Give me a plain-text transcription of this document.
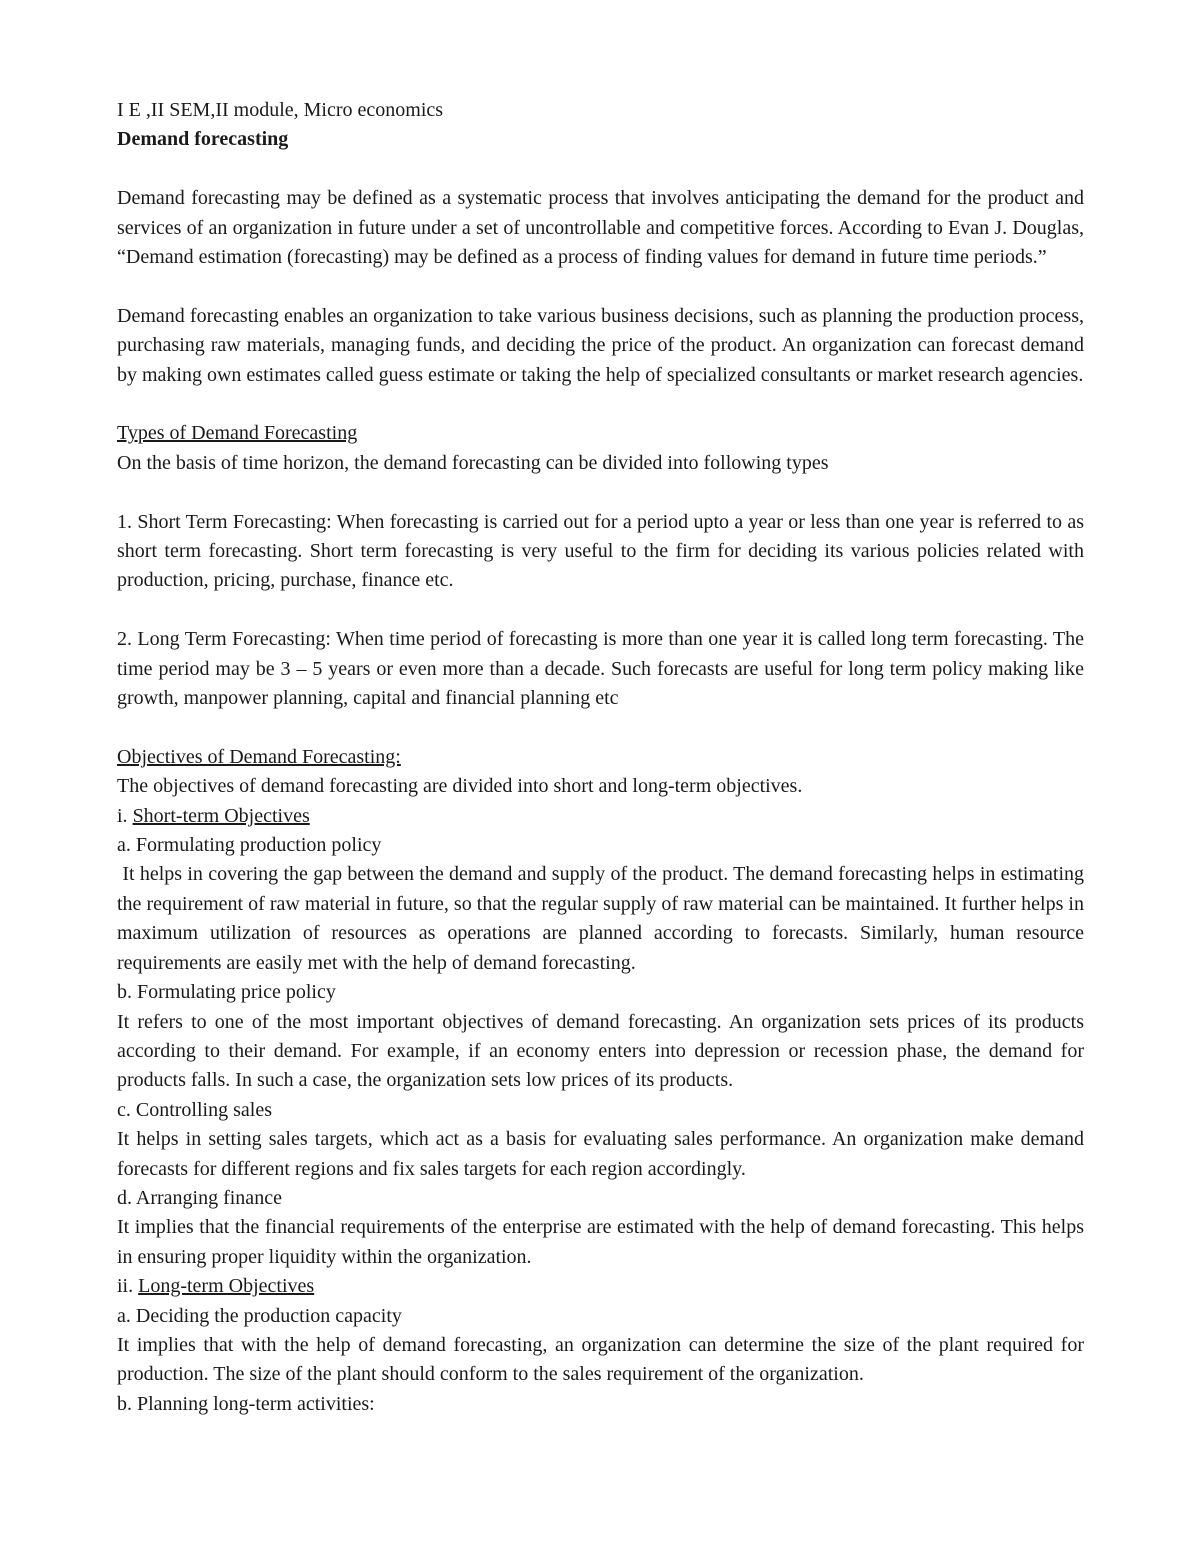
I E ,II SEM,II module, Micro economics

Demand forecasting

Demand forecasting may be defined as a systematic process that involves anticipating the demand for the product and services of an organization in future under a set of uncontrollable and competitive forces. According to Evan J. Douglas, “Demand estimation (forecasting) may be defined as a process of finding values for demand in future time periods.”

Demand forecasting enables an organization to take various business decisions, such as planning the production process, purchasing raw materials, managing funds, and deciding the price of the product. An organization can forecast demand by making own estimates called guess estimate or taking the help of specialized consultants or market research agencies.

Types of Demand Forecasting

On the basis of time horizon, the demand forecasting can be divided into following types

1. Short Term Forecasting: When forecasting is carried out for a period upto a year or less than one year is referred to as short term forecasting. Short term forecasting is very useful to the firm for deciding its various policies related with production, pricing, purchase, finance etc.

2. Long Term Forecasting: When time period of forecasting is more than one year it is called long term forecasting. The time period may be 3 – 5 years or even more than a decade. Such forecasts are useful for long term policy making like growth, manpower planning, capital and financial planning etc

Objectives of Demand Forecasting:

The objectives of demand forecasting are divided into short and long-term objectives.

i. Short-term Objectives

a. Formulating production policy

It helps in covering the gap between the demand and supply of the product. The demand forecasting helps in estimating the requirement of raw material in future, so that the regular supply of raw material can be maintained. It further helps in maximum utilization of resources as operations are planned according to forecasts. Similarly, human resource requirements are easily met with the help of demand forecasting.

b. Formulating price policy

It refers to one of the most important objectives of demand forecasting. An organization sets prices of its products according to their demand. For example, if an economy enters into depression or recession phase, the demand for products falls. In such a case, the organization sets low prices of its products.

c. Controlling sales

It helps in setting sales targets, which act as a basis for evaluating sales performance. An organization make demand forecasts for different regions and fix sales targets for each region accordingly.

d. Arranging finance

It implies that the financial requirements of the enterprise are estimated with the help of demand forecasting. This helps in ensuring proper liquidity within the organization.

ii. Long-term Objectives

a. Deciding the production capacity

It implies that with the help of demand forecasting, an organization can determine the size of the plant required for production. The size of the plant should conform to the sales requirement of the organization.

b. Planning long-term activities:
